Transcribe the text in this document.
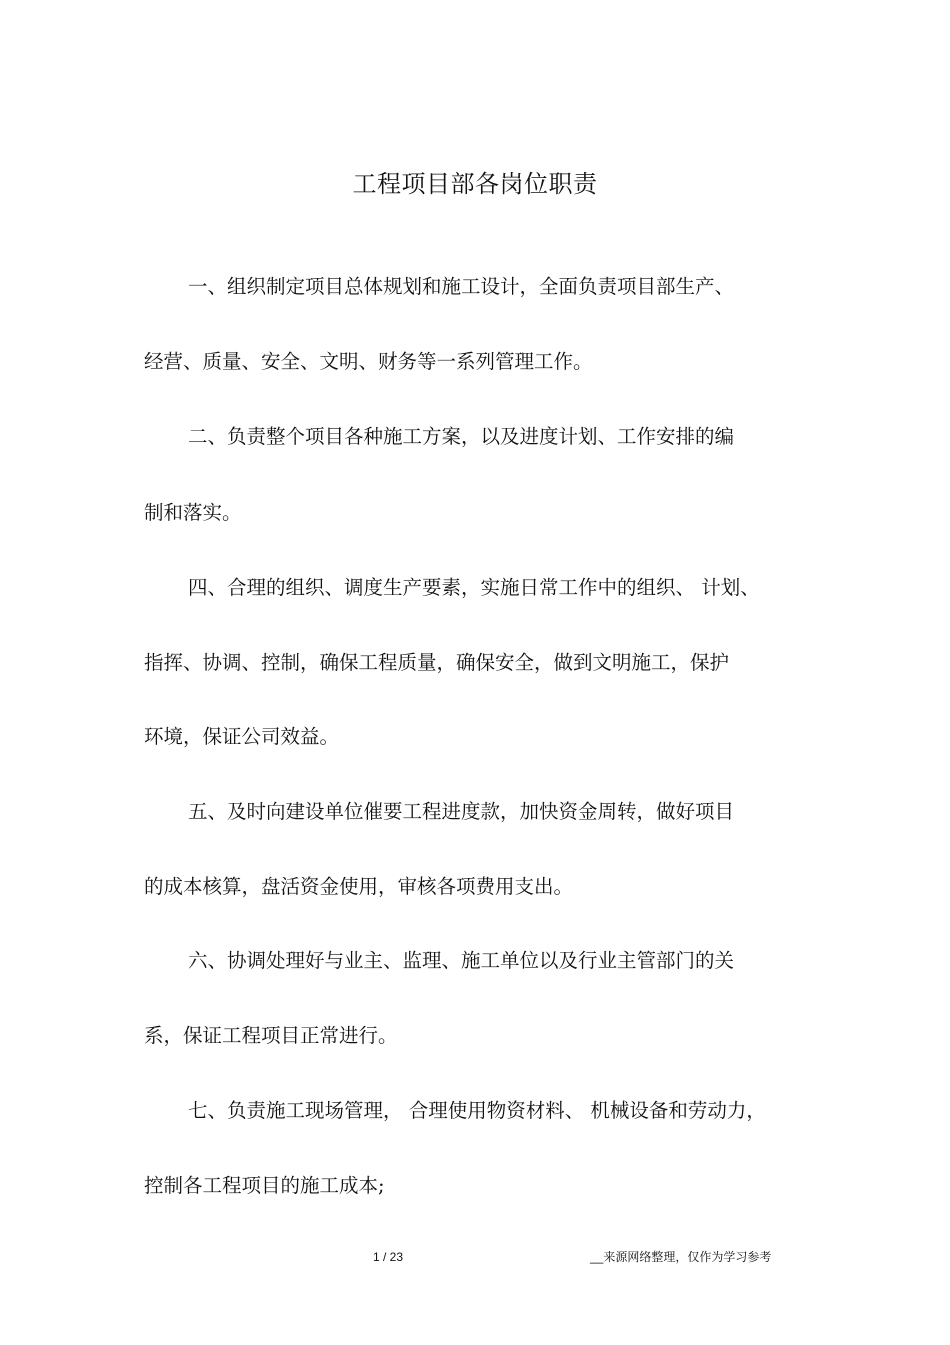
工程项目部各岗位职责
一、组织制定项目总体规划和施工设计，全面负责项目部生产、
经营、质量、安全、文明、财务等一系列管理工作。
二、负责整个项目各种施工方案，以及进度计划、工作安排的编
制和落实。
四、合理的组织、调度生产要素，实施日常工作中的组织、 计划、
指挥、协调、控制，确保工程质量，确保安全，做到文明施工，保护
环境，保证公司效益。
五、及时向建设单位催要工程进度款，加快资金周转，做好项目
的成本核算，盘活资金使用，审核各项费用支出。
六、协调处理好与业主、监理、施工单位以及行业主管部门的关
系，保证工程项目正常进行。
七、负责施工现场管理， 合理使用物资材料、 机械设备和劳动力，
控制各工程项目的施工成本;
1 / 23	__来源网络整理，仅作为学习参考
